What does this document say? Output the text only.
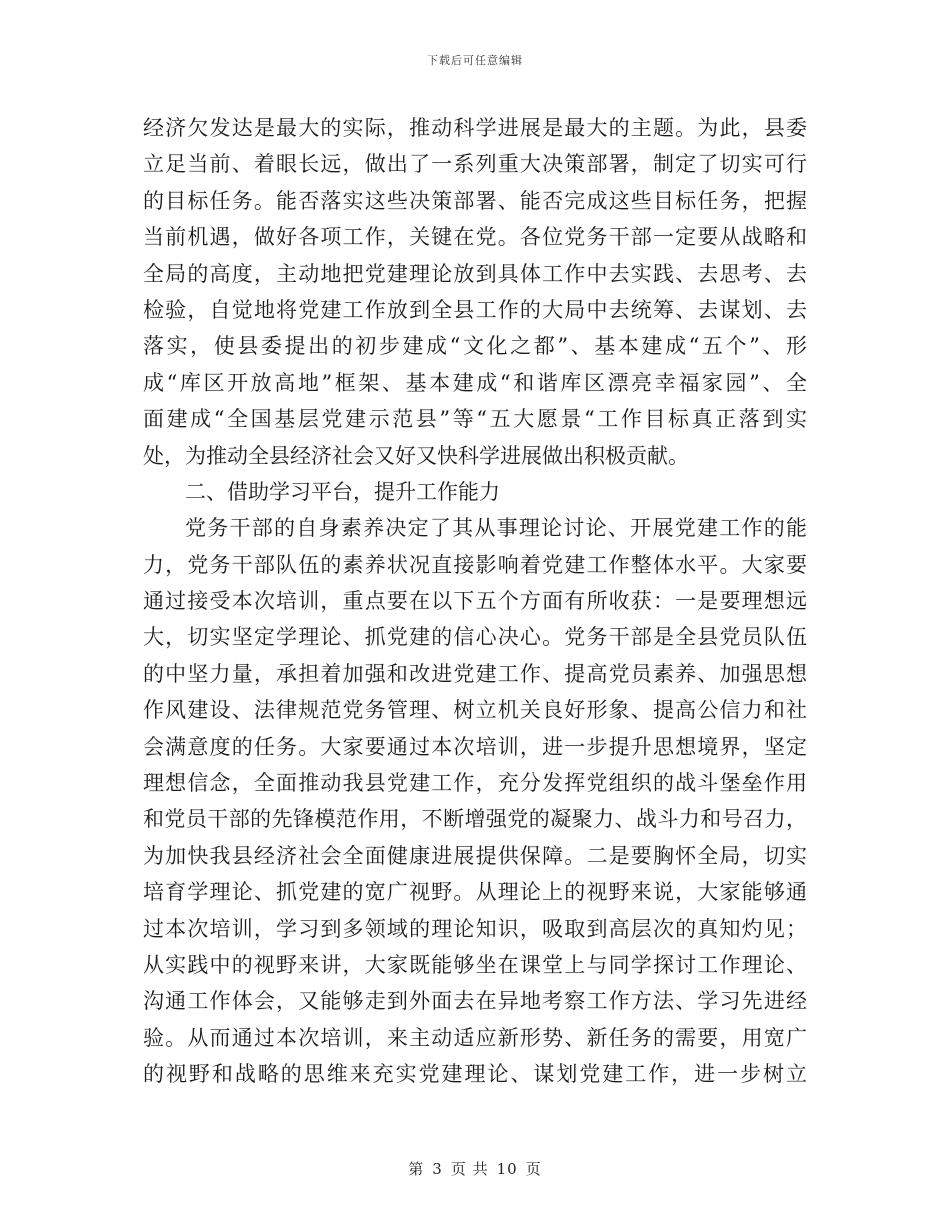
下载后可任意编辑
经济欠发达是最大的实际，推动科学进展是最大的主题。为此，县委
立足当前、着眼长远，做出了一系列重大决策部署，制定了切实可行
的目标任务。能否落实这些决策部署、能否完成这些目标任务，把握
当前机遇，做好各项工作，关键在党。各位党务干部一定要从战略和
全局的高度，主动地把党建理论放到具体工作中去实践、去思考、去
检验，自觉地将党建工作放到全县工作的大局中去统筹、去谋划、去
落实，使县委提出的初步建成“文化之都”、基本建成“五个”、形
成“库区开放高地”框架、基本建成“和谐库区漂亮幸福家园”、全
面建成“全国基层党建示范县”等“五大愿景“工作目标真正落到实
处，为推动全县经济社会又好又快科学进展做出积极贡献。
二、借助学习平台，提升工作能力
党务干部的自身素养决定了其从事理论讨论、开展党建工作的能
力，党务干部队伍的素养状况直接影响着党建工作整体水平。大家要
通过接受本次培训，重点要在以下五个方面有所收获：一是要理想远
大，切实坚定学理论、抓党建的信心决心。党务干部是全县党员队伍
的中坚力量，承担着加强和改进党建工作、提高党员素养、加强思想
作风建设、法律规范党务管理、树立机关良好形象、提高公信力和社
会满意度的任务。大家要通过本次培训，进一步提升思想境界，坚定
理想信念，全面推动我县党建工作，充分发挥党组织的战斗堡垒作用
和党员干部的先锋模范作用，不断增强党的凝聚力、战斗力和号召力，
为加快我县经济社会全面健康进展提供保障。二是要胸怀全局，切实
培育学理论、抓党建的宽广视野。从理论上的视野来说，大家能够通
过本次培训，学习到多领域的理论知识，吸取到高层次的真知灼见；
从实践中的视野来讲，大家既能够坐在课堂上与同学探讨工作理论、
沟通工作体会，又能够走到外面去在异地考察工作方法、学习先进经
验。从而通过本次培训，来主动适应新形势、新任务的需要，用宽广
的视野和战略的思维来充实党建理论、谋划党建工作，进一步树立
第 3 页 共 10 页
